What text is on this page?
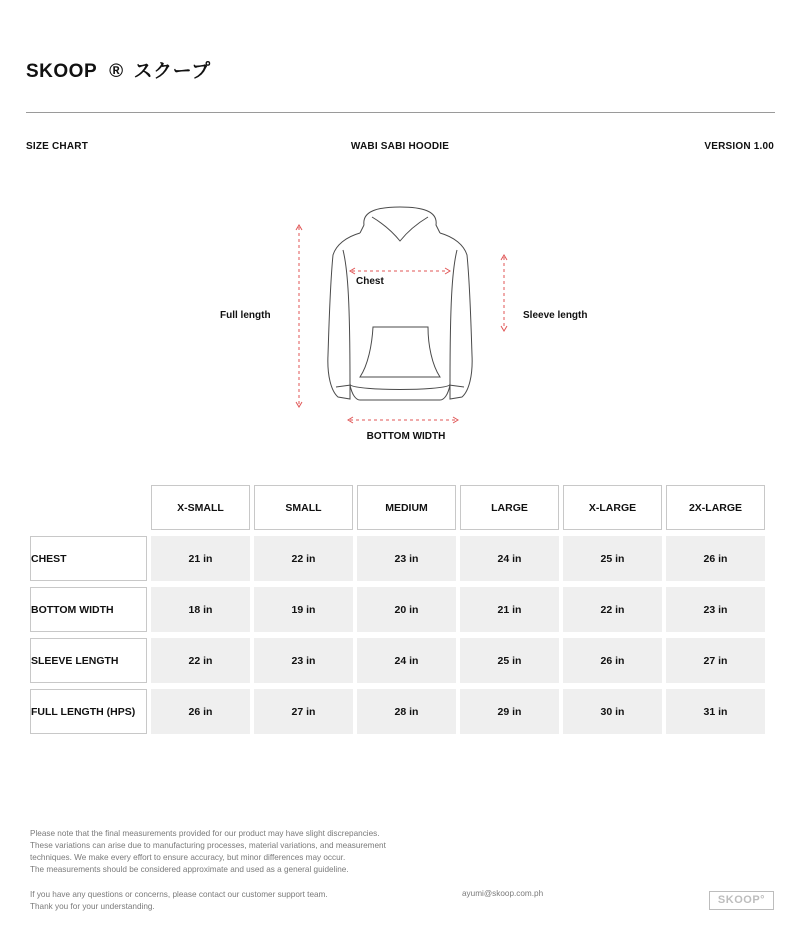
SKOOP ® スクープ
SIZE CHART	WABI SABI HOODIE	VERSION 1.00
Full length
Chest
Sleeve length
BOTTOM WIDTH
	X-SMALL	SMALL	MEDIUM	LARGE	X-LARGE	2X-LARGE
CHEST	21 in	22 in	23 in	24 in	25 in	26 in
BOTTOM WIDTH	18 in	19 in	20 in	21 in	22 in	23 in
SLEEVE LENGTH	22 in	23 in	24 in	25 in	26 in	27 in
FULL LENGTH (HPS)	26 in	27 in	28 in	29 in	30 in	31 in

Please note that the final measurements provided for our product may have slight discrepancies.

These variations can arise due to manufacturing processes, material variations, and measurement

techniques. We make every effort to ensure accuracy, but minor differences may occur.

The measurements should be considered approximate and used as a general guideline.

If you have any questions or concerns, please contact our customer support team.

Thank you for your understanding.

ayumi@skoop.com.ph
SKOOP°
